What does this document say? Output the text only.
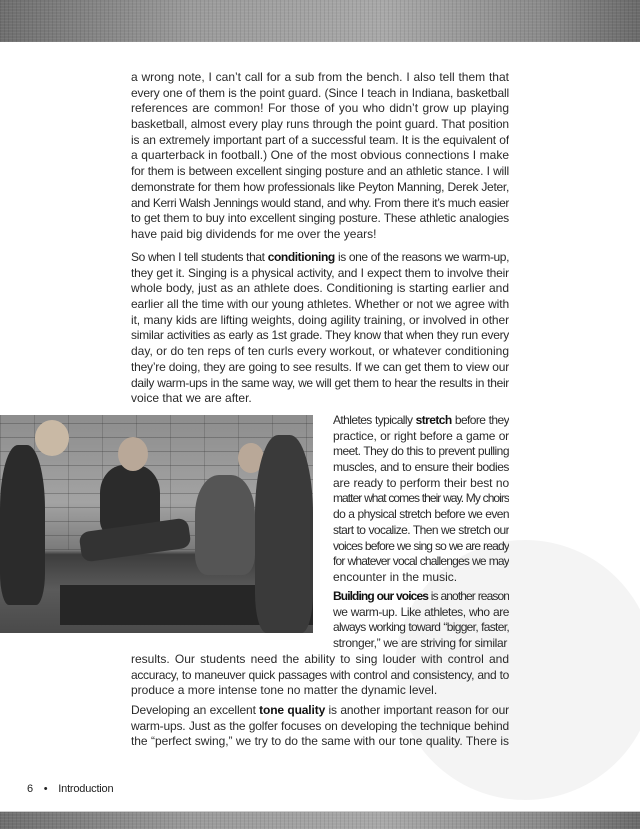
a wrong note, I can’t call for a sub from the bench. I also tell them that
every one of them is the point guard. (Since I teach in Indiana, basketball
references are common! For those of you who didn’t grow up playing
basketball, almost every play runs through the point guard. That position
is an extremely important part of a successful team. It is the equivalent of
a quarterback in football.) One of the most obvious connections I make
for them is between excellent singing posture and an athletic stance. I will
demonstrate for them how professionals like Peyton Manning, Derek Jeter,
and Kerri Walsh Jennings would stand, and why. From there it’s much easier
to get them to buy into excellent singing posture. These athletic analogies
have paid big dividends for me over the years!
So when I tell students that conditioning is one of the reasons we warm-up,
they get it. Singing is a physical activity, and I expect them to involve their
whole body, just as an athlete does. Conditioning is starting earlier and
earlier all the time with our young athletes. Whether or not we agree with
it, many kids are lifting weights, doing agility training, or involved in other
similar activities as early as 1st grade. They know that when they run every
day, or do ten reps of ten curls every workout, or whatever conditioning
they’re doing, they are going to see results. If we can get them to view our
daily warm-ups in the same way, we will get them to hear the results in their
voice that we are after.
Athletes typically stretch before they
practice, or right before a game or
meet. They do this to prevent pulling
muscles, and to ensure their bodies
are ready to perform their best no
matter what comes their way. My choirs
do a physical stretch before we even
start to vocalize. Then we stretch our
voices before we sing so we are ready
for whatever vocal challenges we may
encounter in the music.
Building our voices is another reason
we warm-up. Like athletes, who are
always working toward “bigger, faster,
stronger,” we are striving for similar
results. Our students need the ability to sing louder with control and
accuracy, to maneuver quick passages with control and consistency, and to
produce a more intense tone no matter the dynamic level.
Developing an excellent tone quality is another important reason for our
warm-ups. Just as the golfer focuses on developing the technique behind
the “perfect swing,” we try to do the same with our tone quality. There is
6 • Introduction
